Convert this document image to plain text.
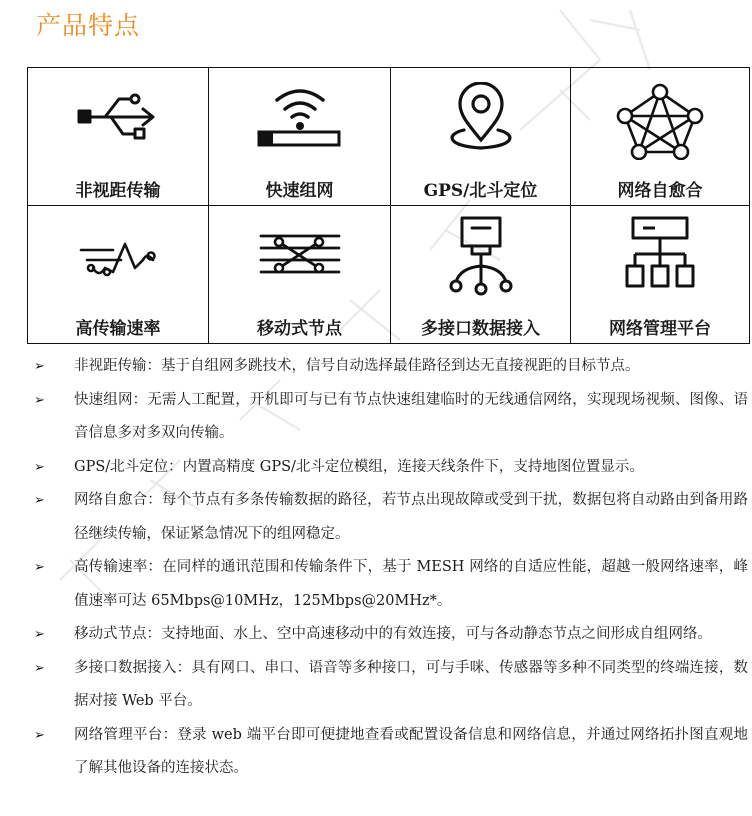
产品特点
非视距传输	快速组网	GPS/北斗定位	网络自愈合
高传输速率	移动式节点	多接口数据接入	网络管理平台
➢ 非视距传输：基于自组网多跳技术，信号自动选择最佳路径到达无直接视距的目标节点。
➢ 快速组网：无需人工配置，开机即可与已有节点快速组建临时的无线通信网络，实现现场视频、图像、语音信息多对多双向传输。
➢ GPS/北斗定位：内置高精度 GPS/北斗定位模组，连接天线条件下，支持地图位置显示。
➢ 网络自愈合：每个节点有多条传输数据的路径，若节点出现故障或受到干扰，数据包将自动路由到备用路径继续传输，保证紧急情况下的组网稳定。
➢ 高传输速率：在同样的通讯范围和传输条件下，基于 MESH 网络的自适应性能，超越一般网络速率，峰值速率可达 65Mbps@10MHz，125Mbps@20MHz*。
➢ 移动式节点：支持地面、水上、空中高速移动中的有效连接，可与各动静态节点之间形成自组网络。
➢ 多接口数据接入：具有网口、串口、语音等多种接口，可与手咪、传感器等多种不同类型的终端连接，数据对接 Web 平台。
➢ 网络管理平台：登录 web 端平台即可便捷地查看或配置设备信息和网络信息，并通过网络拓扑图直观地了解其他设备的连接状态。
